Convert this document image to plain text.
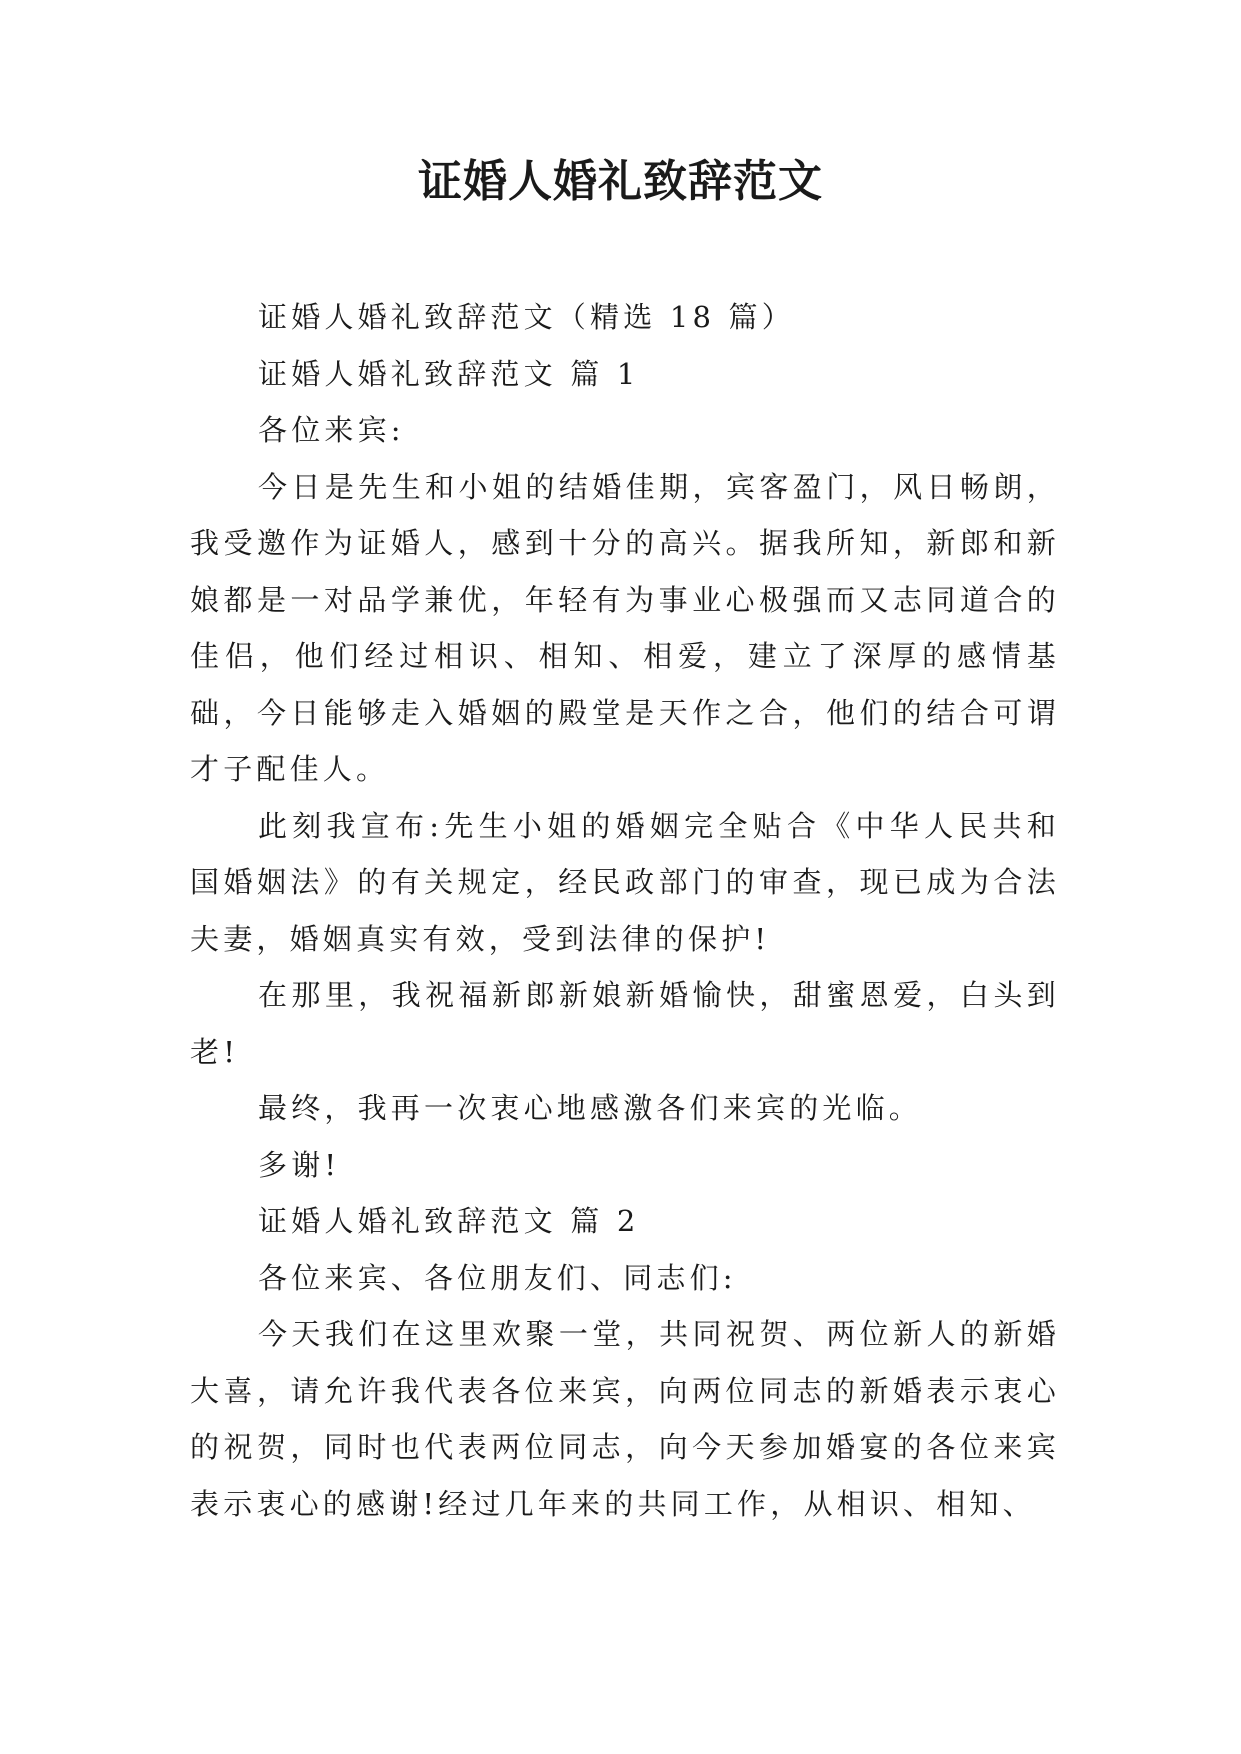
证婚人婚礼致辞范文

证婚人婚礼致辞范文（精选 18 篇）

证婚人婚礼致辞范文 篇 1

各位来宾:

今日是先生和小姐的结婚佳期，宾客盈门，风日畅朗，我受邀作为证婚人，感到十分的高兴。据我所知，新郎和新娘都是一对品学兼优，年轻有为事业心极强而又志同道合的佳侣，他们经过相识、相知、相爱，建立了深厚的感情基础，今日能够走入婚姻的殿堂是天作之合，他们的结合可谓才子配佳人。

此刻我宣布:先生小姐的婚姻完全贴合《中华人民共和国婚姻法》的有关规定，经民政部门的审查，现已成为合法夫妻，婚姻真实有效，受到法律的保护!

在那里，我祝福新郎新娘新婚愉快，甜蜜恩爱，白头到老!

最终，我再一次衷心地感激各们来宾的光临。

多谢!

证婚人婚礼致辞范文 篇 2

各位来宾、各位朋友们、同志们:

今天我们在这里欢聚一堂，共同祝贺、两位新人的新婚大喜，请允许我代表各位来宾，向两位同志的新婚表示衷心的祝贺，同时也代表两位同志，向今天参加婚宴的各位来宾表示衷心的感谢!经过几年来的共同工作，从相识、相知、
